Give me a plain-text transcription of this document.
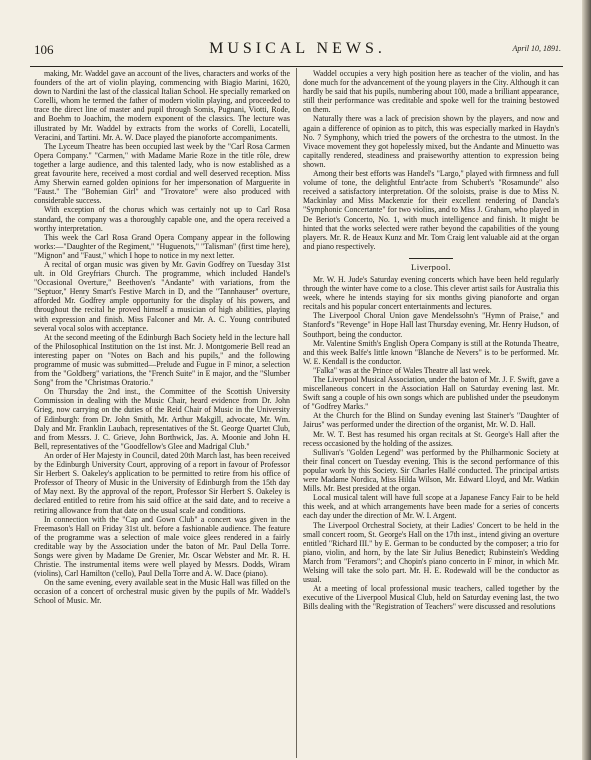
106	MUSICAL NEWS.	April 10, 1891.

making, Mr. Waddel gave an account of the lives, characters and works of the founders of the art of violin playing, commencing with Biagio Marini, 1620, down to Nardini the last of the classical Italian School. He specially remarked on Corelli, whom he termed the father of modern violin playing, and proceeded to trace the direct line of master and pupil through Somis, Pugnani, Viotti, Rode, and Boehm to Joachim, the modern exponent of the classics. The lecture was illustrated by Mr. Waddel by extracts from the works of Corelli, Locatelli, Veracini, and Tartini. Mr. A. W. Dace played the pianoforte accompaniments.

The Lyceum Theatre has been occupied last week by the "Carl Rosa Carmen Opera Company." "Carmen," with Madame Marie Roze in the title rôle, drew together a large audience, and this talented lady, who is now established as a great favourite here, received a most cordial and well deserved reception. Miss Amy Sherwin earned golden opinions for her impersonation of Marguerite in "Faust." The "Bohemian Girl" and "Trovatore" were also produced with considerable success.

With exception of the chorus which was certainly not up to Carl Rosa standard, the company was a thoroughly capable one, and the opera received a worthy interpretation.

This week the Carl Rosa Grand Opera Company appear in the following works:—"Daughter of the Regiment," "Huguenots," "Talisman" (first time here), "Mignon" and "Faust," which I hope to notice in my next letter.

A recital of organ music was given by Mr. Gavin Godfrey on Tuesday 31st ult. in Old Greyfriars Church. The programme, which included Handel's "Occasional Overture," Beethoven's "Andante" with variations, from the "Septuor," Henry Smart's Festive March in D, and the "Tannhauser" overture, afforded Mr. Godfrey ample opportunity for the display of his powers, and throughout the recital he proved himself a musician of high abilities, playing with expression and finish. Miss Falconer and Mr. A. C. Young contributed several vocal solos with acceptance.

At the second meeting of the Edinburgh Bach Society held in the lecture hall of the Philosophical Institution on the 1st inst. Mr. J. Montgomerie Bell read an interesting paper on "Notes on Bach and his pupils," and the following programme of music was submitted—Prelude and Fugue in F minor, a selection from the "Goldberg" variations, the "French Suite" in E major, and the "Slumber Song" from the "Christmas Oratorio."

On Thursday the 2nd inst., the Committee of the Scottish University Commission in dealing with the Music Chair, heard evidence from Dr. John Grieg, now carrying on the duties of the Reid Chair of Music in the University of Edinburgh: from Dr. John Smith, Mr. Arthur Makgill, advocate, Mr. Wm. Daly and Mr. Franklin Laubach, representatives of the St. George Quartet Club, and from Messrs. J. C. Grieve, John Borthwick, Jas. A. Moonie and John H. Bell, representatives of the "Goodfellow's Glee and Madrigal Club."

An order of Her Majesty in Council, dated 20th March last, has been received by the Edinburgh University Court, approving of a report in favour of Professor Sir Herbert S. Oakeley's application to be permitted to retire from his office of Professor of Theory of Music in the University of Edinburgh from the 15th day of May next. By the approval of the report, Professor Sir Herbert S. Oakeley is declared entitled to retire from his said office at the said date, and to receive a retiring allowance from that date on the usual scale and conditions.

In connection with the "Cap and Gown Club" a concert was given in the Freemason's Hall on Friday 31st ult. before a fashionable audience. The feature of the programme was a selection of male voice glees rendered in a fairly creditable way by the Association under the baton of Mr. Paul Della Torre. Songs were given by Madame De Grenier, Mr. Oscar Webster and Mr. R. H. Christie. The instrumental items were well played by Messrs. Dodds, Wiram (violins), Carl Hamilton ('cello), Paul Della Torre and A. W. Dace (piano).

On the same evening, every available seat in the Music Hall was filled on the occasion of a concert of orchestral music given by the pupils of Mr. Waddel's School of Music. Mr.

Waddel occupies a very high position here as teacher of the violin, and has done much for the advancement of the young players in the City. Although it can hardly be said that his pupils, numbering about 100, made a brilliant appearance, still their performance was creditable and spoke well for the training bestowed on them.

Naturally there was a lack of precision shown by the players, and now and again a difference of opinion as to pitch, this was especially marked in Haydn's No. 7 Symphony, which tried the powers of the orchestra to the utmost. In the Vivace movement they got hopelessly mixed, but the Andante and Minuetto was capitally rendered, steadiness and praiseworthy attention to expression being shown.

Among their best efforts was Handel's "Largo," played with firmness and full volume of tone, the delightful Entr'acte from Schubert's "Rosamunde" also received a satisfactory interpretation. Of the soloists, praise is due to Miss N. Mackinlay and Miss Mackenzie for their excellent rendering of Dancla's "Symphonic Concertante" for two violins, and to Miss J. Graham, who played in De Beriot's Concerto, No. 1, with much intelligence and finish. It might be hinted that the works selected were rather beyond the capabilities of the young players. Mr. R. de Heaux Kunz and Mr. Tom Craig lent valuable aid at the organ and piano respectively.

Liverpool.

Mr. W. H. Jude's Saturday evening concerts which have been held regularly through the winter have come to a close. This clever artist sails for Australia this week, where he intends staying for six months giving pianoforte and organ recitals and his popular concert entertainments and lectures.

The Liverpool Choral Union gave Mendelssohn's "Hymn of Praise," and Stanford's "Revenge" in Hope Hall last Thursday evening, Mr. Henry Hudson, of Southport, being the conductor.

Mr. Valentine Smith's English Opera Company is still at the Rotunda Theatre, and this week Balfe's little known "Blanche de Nevers" is to be performed. Mr. W. E. Kendall is the conductor.

"Falka" was at the Prince of Wales Theatre all last week.

The Liverpool Musical Association, under the baton of Mr. J. F. Swift, gave a miscellaneous concert in the Association Hall on Saturday evening last. Mr. Swift sang a couple of his own songs which are published under the pseudonym of "Godfrey Marks."

At the Church for the Blind on Sunday evening last Stainer's "Daughter of Jairus" was performed under the direction of the organist, Mr. W. D. Hall.

Mr. W. T. Best has resumed his organ recitals at St. George's Hall after the recess occasioned by the holding of the assizes.

Sullivan's "Golden Legend" was performed by the Philharmonic Society at their final concert on Tuesday evening. This is the second performance of this popular work by this Society. Sir Charles Hallé conducted. The principal artists were Madame Nordica, Miss Hilda Wilson, Mr. Edward Lloyd, and Mr. Watkin Mills. Mr. Best presided at the organ.

Local musical talent will have full scope at a Japanese Fancy Fair to be held this week, and at which arrangements have been made for a series of concerts each day under the direction of Mr. W. I. Argent.

The Liverpool Orchestral Society, at their Ladies' Concert to be held in the small concert room, St. George's Hall on the 17th inst., intend giving an overture entitled "Richard III." by E. German to be conducted by the composer; a trio for piano, violin, and horn, by the late Sir Julius Benedict; Rubinstein's Wedding March from "Feramors"; and Chopin's piano concerto in F minor, in which Mr. Welsing will take the solo part. Mr. H. E. Rodewald will be the conductor as usual.

At a meeting of local professional music teachers, called together by the executive of the Liverpool Musical Club, held on Saturday evening last, the two Bills dealing with the "Registration of Teachers" were discussed and resolutions
